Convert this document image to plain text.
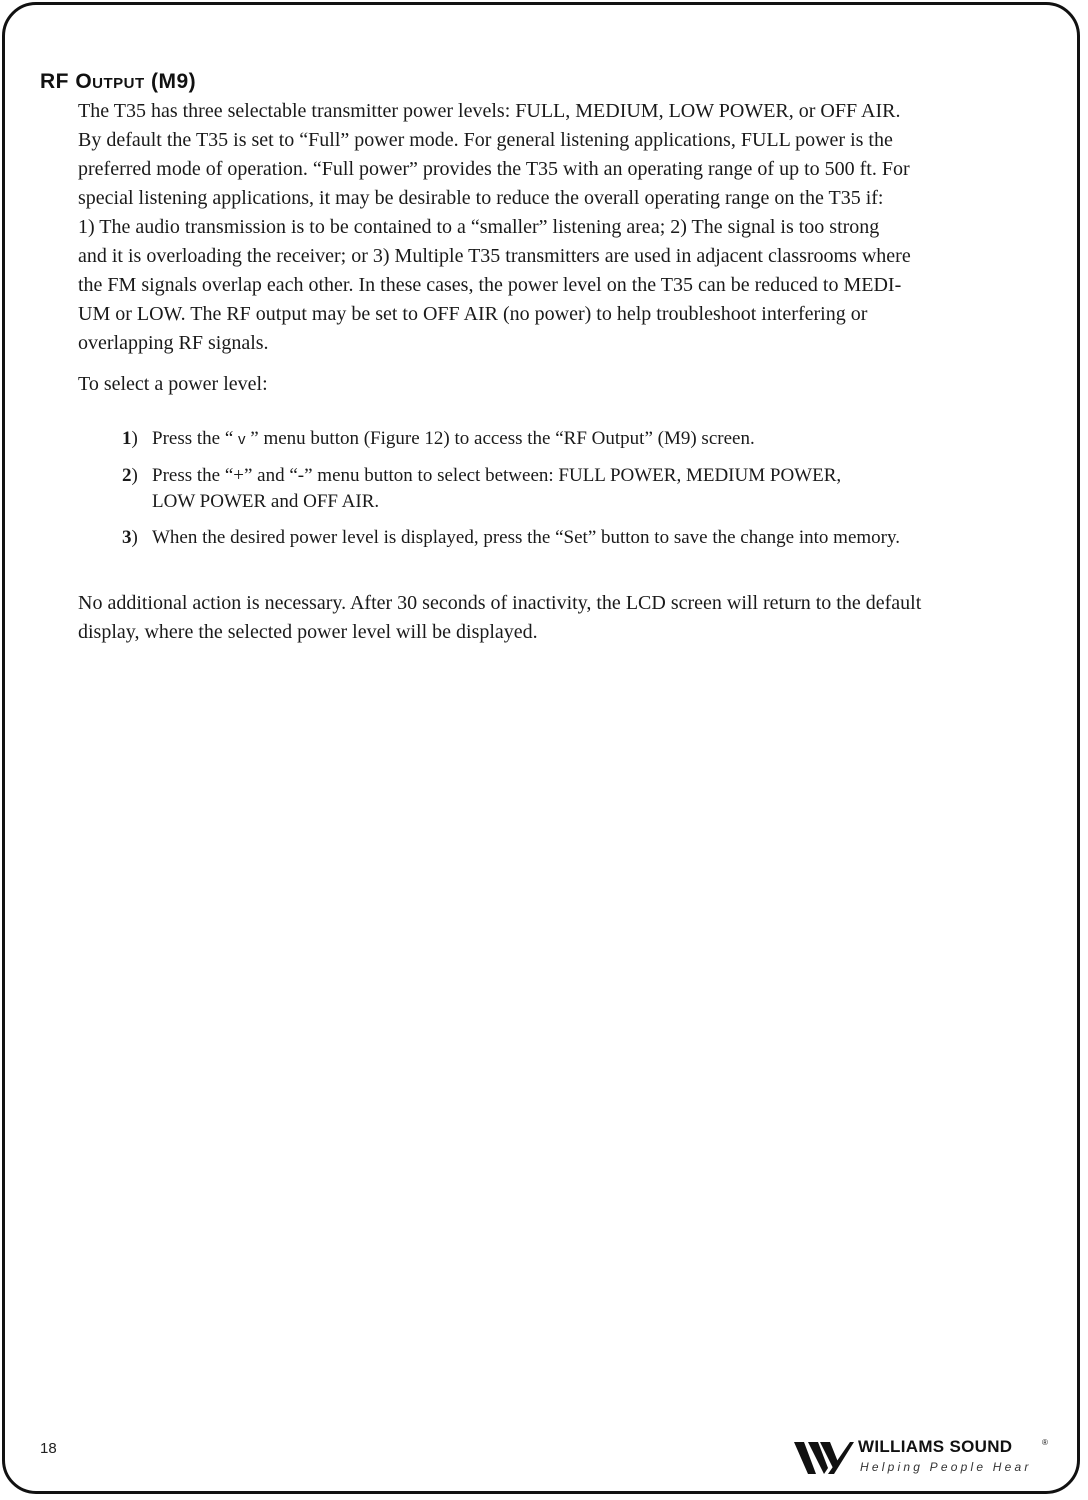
RF OUTPUT (M9)
The T35 has three selectable transmitter power levels: FULL, MEDIUM, LOW POWER, or OFF AIR.
By default the T35 is set to “Full” power mode. For general listening applications, FULL power is the
preferred mode of operation. “Full power” provides the T35 with an operating range of up to 500 ft. For
special listening applications, it may be desirable to reduce the overall operating range on the T35 if:
1) The audio transmission is to be contained to a “smaller” listening area; 2) The signal is too strong
and it is overloading the receiver; or 3) Multiple T35 transmitters are used in adjacent classrooms where
the FM signals overlap each other. In these cases, the power level on the T35 can be reduced to MEDI-
UM or LOW. The RF output may be set to OFF AIR (no power) to help troubleshoot interfering or
overlapping RF signals.
To select a power level:
1) Press the “ v ” menu button (Figure 12) to access the “RF Output” (M9) screen.
2) Press the “+” and “-” menu button to select between: FULL POWER, MEDIUM POWER,
LOW POWER and OFF AIR.
3) When the desired power level is displayed, press the “Set” button to save the change into memory.
No additional action is necessary. After 30 seconds of inactivity, the LCD screen will return to the default
display, where the selected power level will be displayed.
18	WILLIAMS SOUND	®
Helping People Hear
